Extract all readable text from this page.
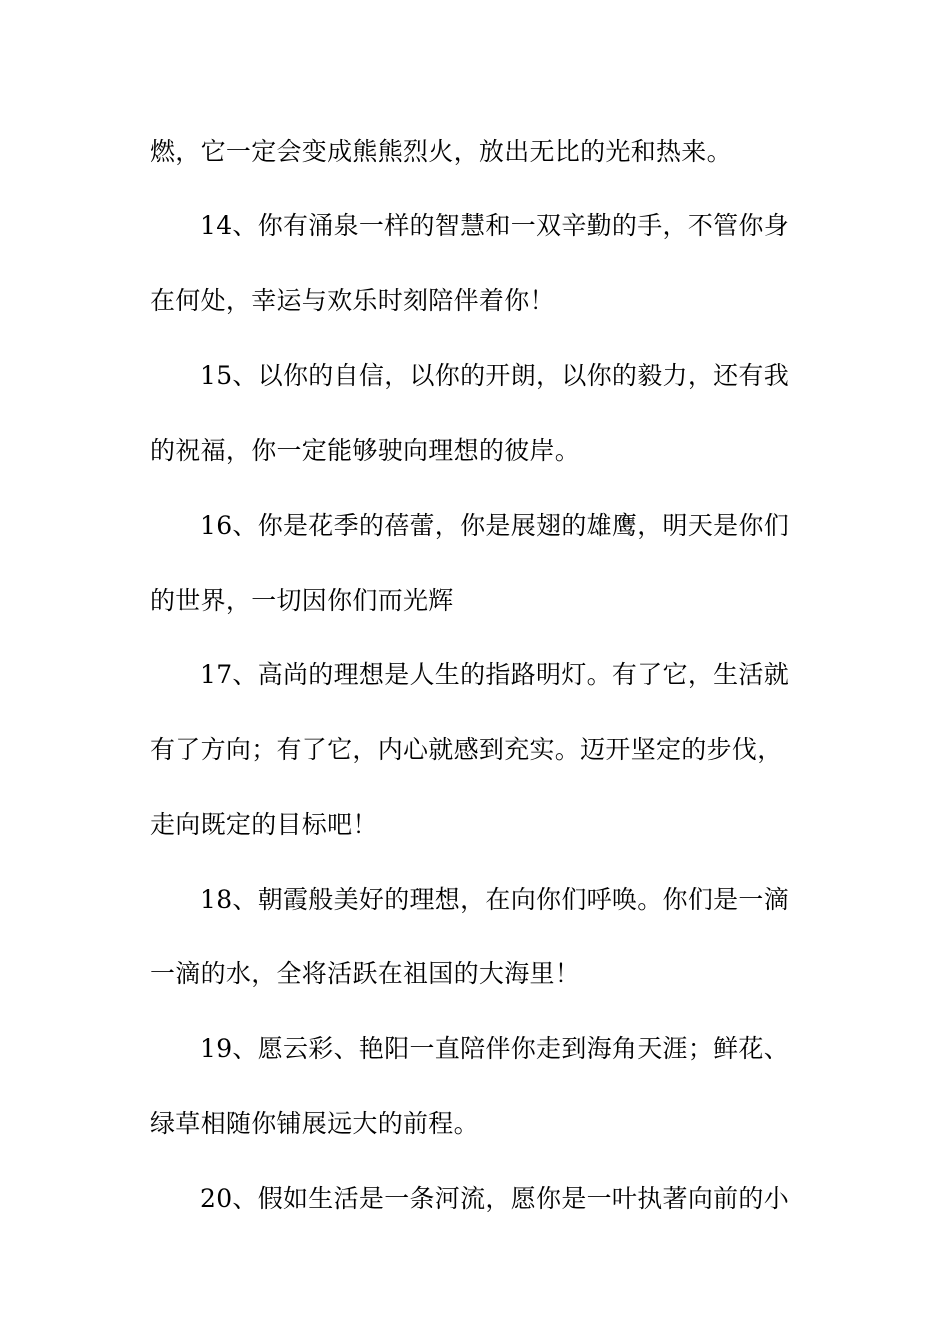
燃，它一定会变成熊熊烈火，放出无比的光和热来。
14、你有涌泉一样的智慧和一双辛勤的手，不管你身
在何处，幸运与欢乐时刻陪伴着你！
15、以你的自信，以你的开朗，以你的毅力，还有我
的祝福，你一定能够驶向理想的彼岸。
16、你是花季的蓓蕾，你是展翅的雄鹰，明天是你们
的世界，一切因你们而光辉
17、高尚的理想是人生的指路明灯。有了它，生活就
有了方向；有了它，内心就感到充实。迈开坚定的步伐，
走向既定的目标吧！
18、朝霞般美好的理想，在向你们呼唤。你们是一滴
一滴的水，全将活跃在祖国的大海里！
19、愿云彩、艳阳一直陪伴你走到海角天涯；鲜花、
绿草相随你铺展远大的前程。
20、假如生活是一条河流，愿你是一叶执著向前的小
